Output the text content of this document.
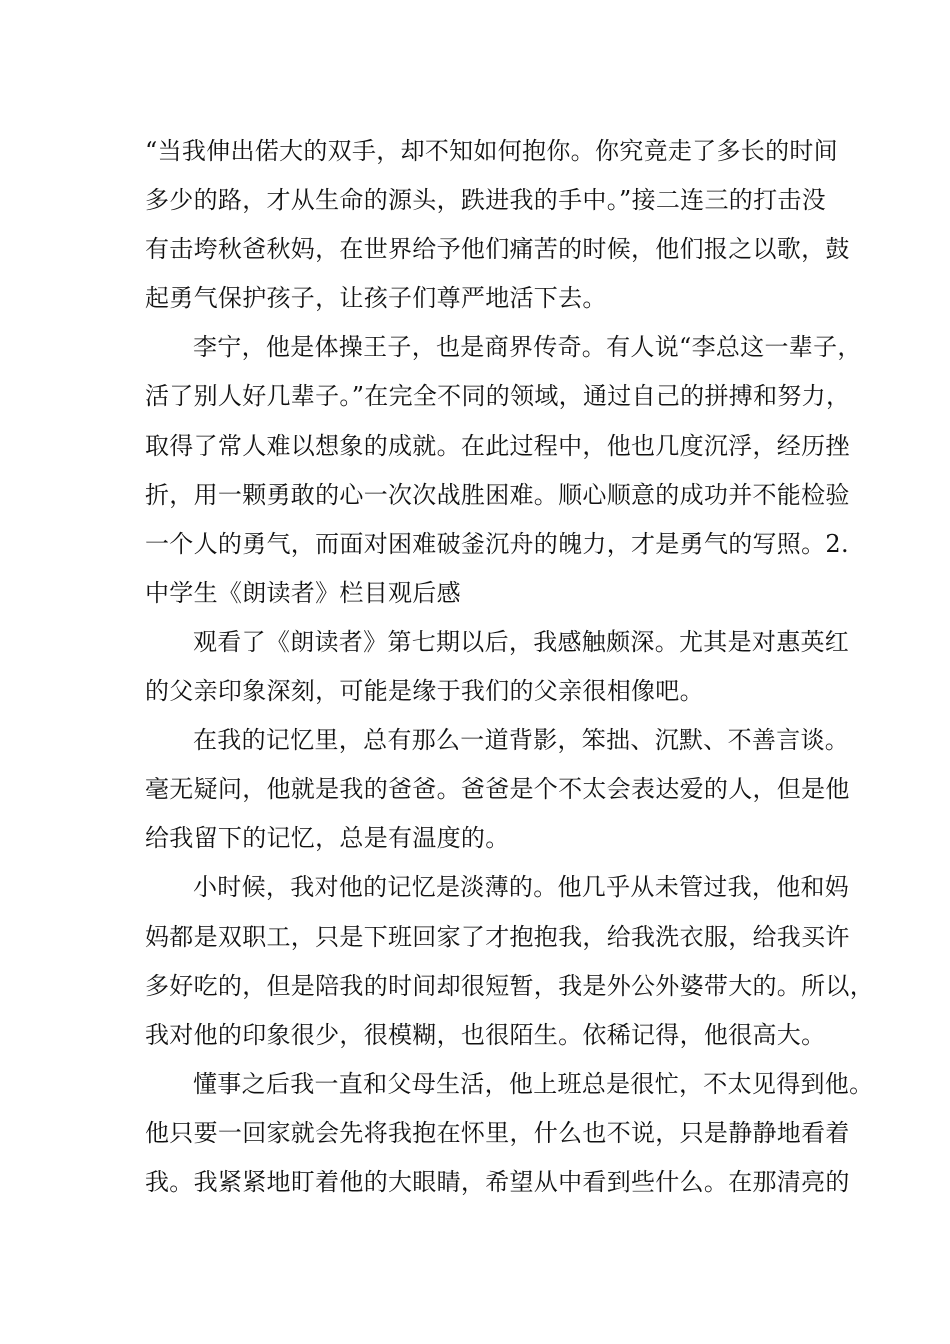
“当我伸出偌大的双手，却不知如何抱你。你究竟走了多长的时间
多少的路，才从生命的源头，跌进我的手中。”接二连三的打击没
有击垮秋爸秋妈，在世界给予他们痛苦的时候，他们报之以歌，鼓
起勇气保护孩子，让孩子们尊严地活下去。
李宁，他是体操王子，也是商界传奇。有人说“李总这一辈子，
活了别人好几辈子。”在完全不同的领域，通过自己的拼搏和努力，
取得了常人难以想象的成就。在此过程中，他也几度沉浮，经历挫
折，用一颗勇敢的心一次次战胜困难。顺心顺意的成功并不能检验
一个人的勇气，而面对困难破釜沉舟的魄力，才是勇气的写照。2.
中学生《朗读者》栏目观后感
观看了《朗读者》第七期以后，我感触颇深。尤其是对惠英红
的父亲印象深刻，可能是缘于我们的父亲很相像吧。
在我的记忆里，总有那么一道背影，笨拙、沉默、不善言谈。
毫无疑问，他就是我的爸爸。爸爸是个不太会表达爱的人，但是他
给我留下的记忆，总是有温度的。
小时候，我对他的记忆是淡薄的。他几乎从未管过我，他和妈
妈都是双职工，只是下班回家了才抱抱我，给我洗衣服，给我买许
多好吃的，但是陪我的时间却很短暂，我是外公外婆带大的。所以，
我对他的印象很少，很模糊，也很陌生。依稀记得，他很高大。
懂事之后我一直和父母生活，他上班总是很忙，不太见得到他。
他只要一回家就会先将我抱在怀里，什么也不说，只是静静地看着
我。我紧紧地盯着他的大眼睛，希望从中看到些什么。在那清亮的
